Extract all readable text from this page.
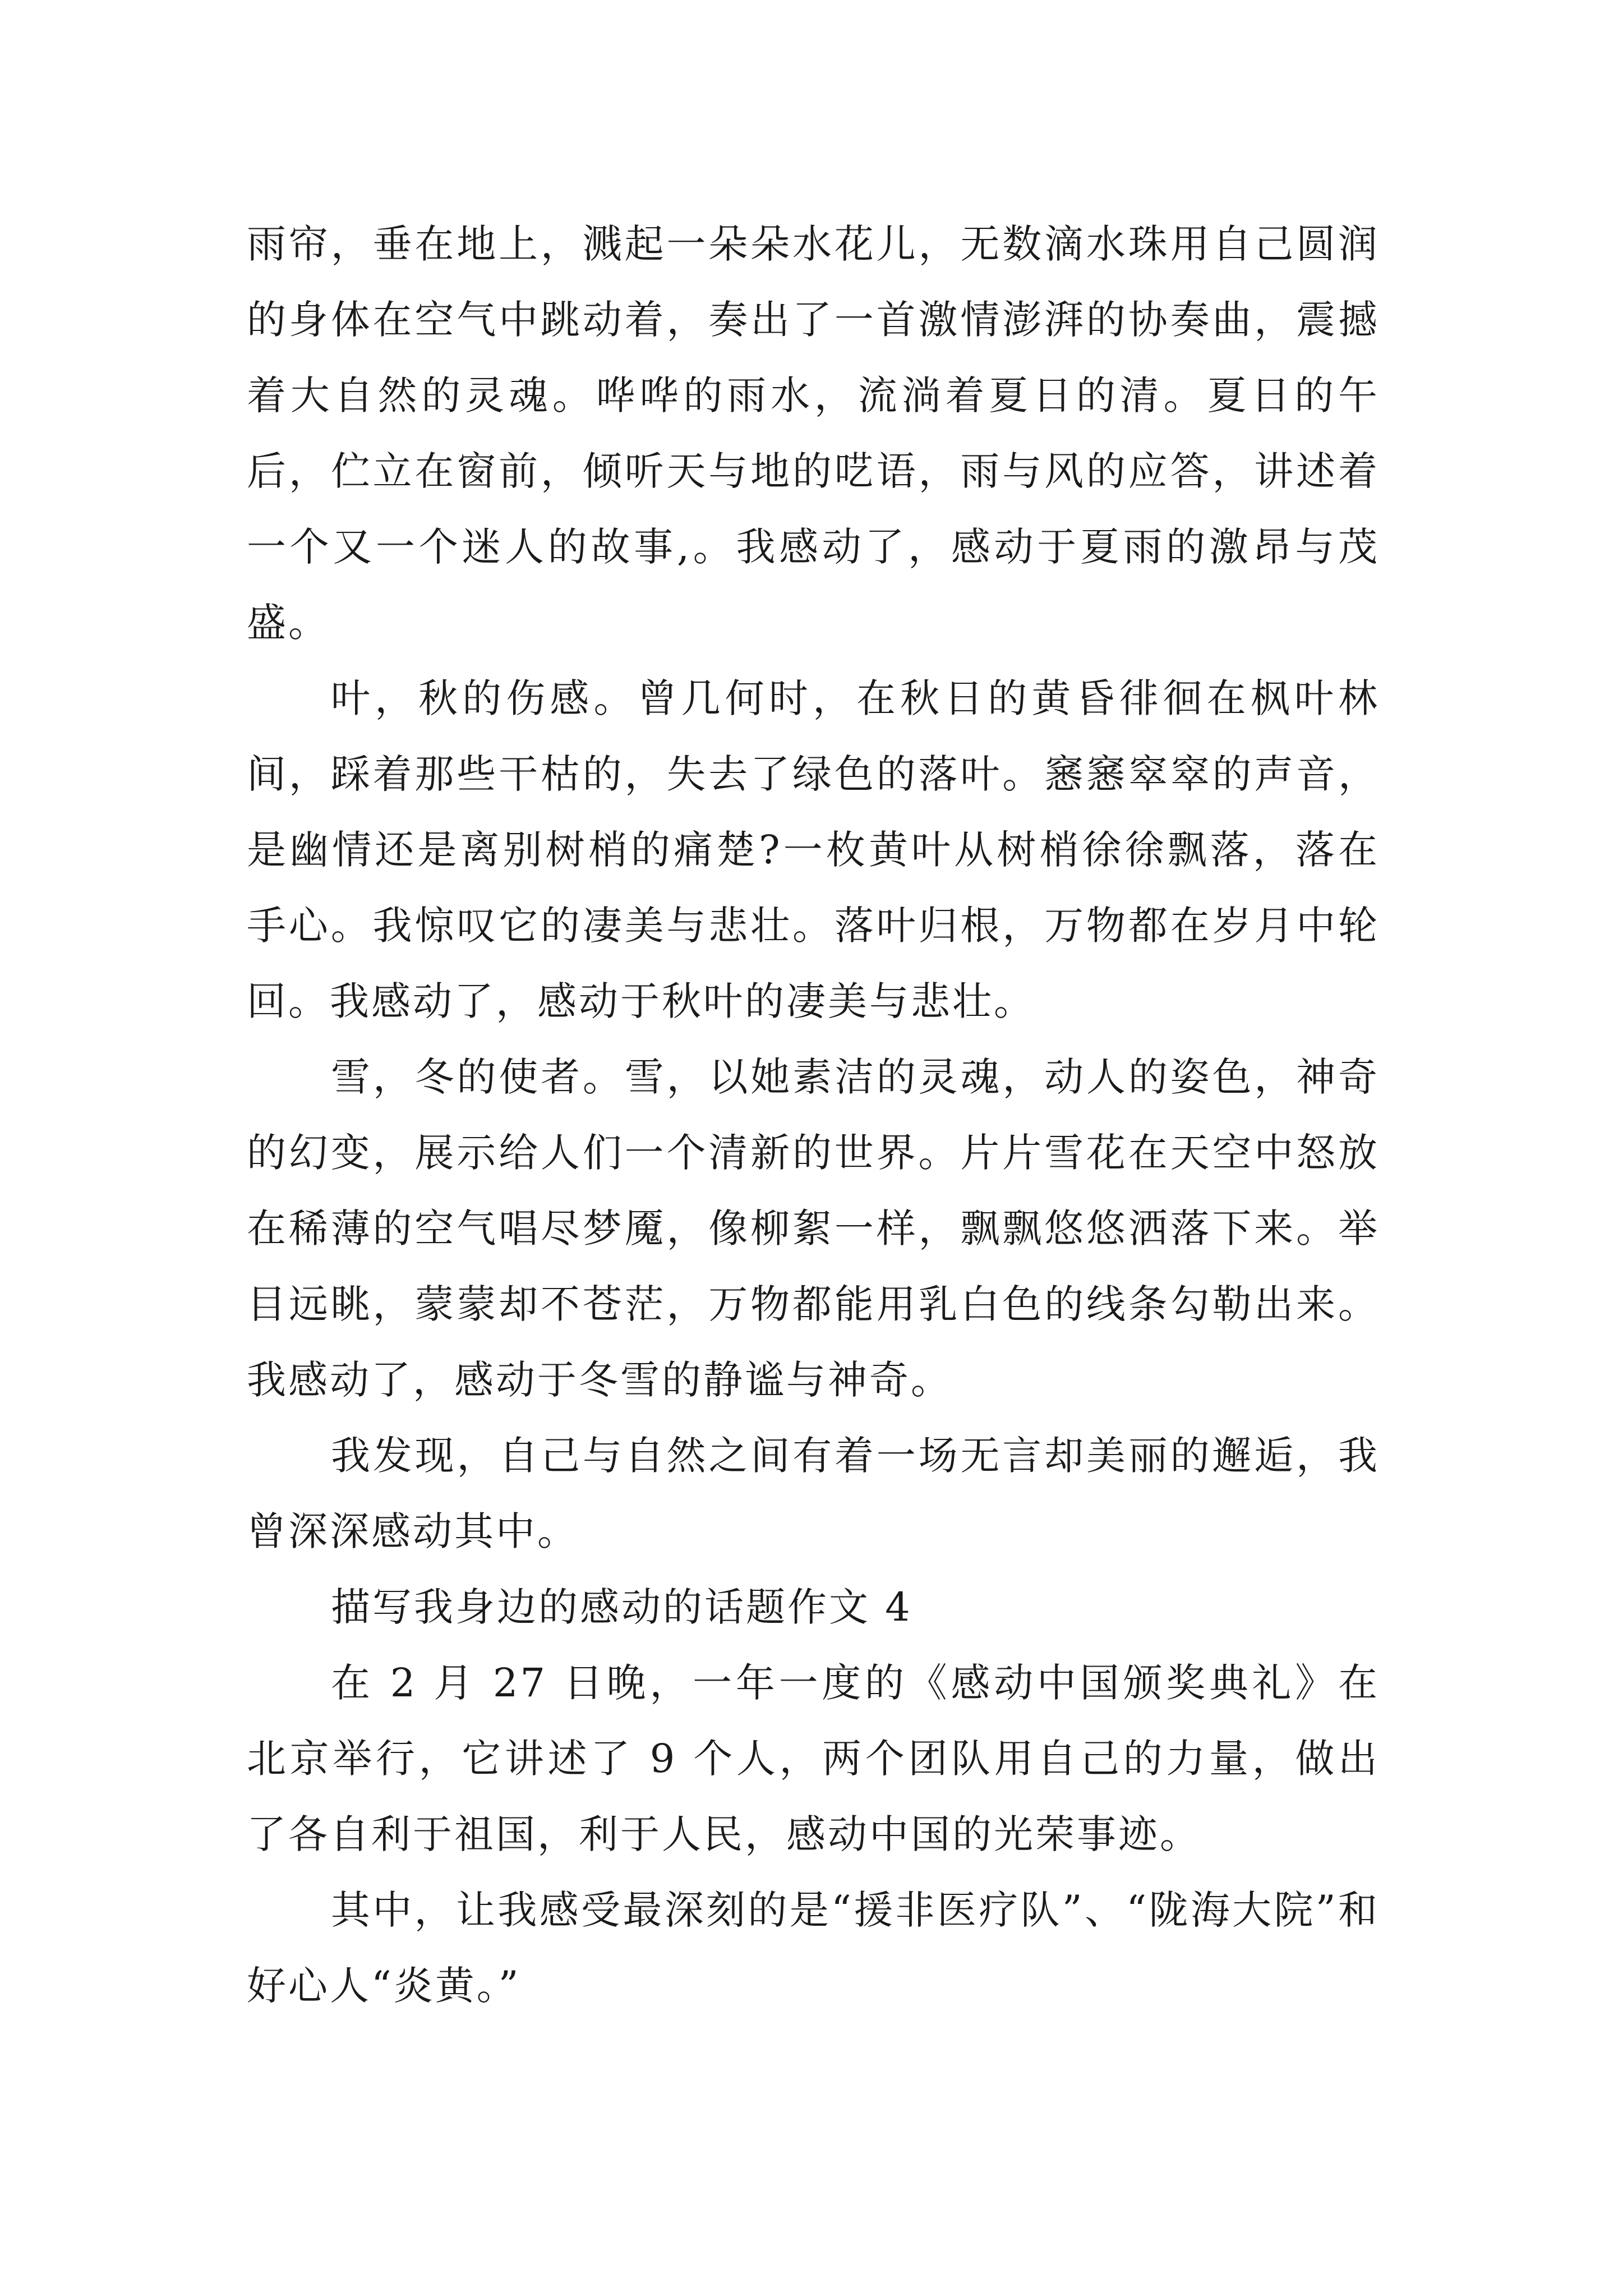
雨帘，垂在地上，溅起一朵朵水花儿，无数滴水珠用自己圆润的身体在空气中跳动着，奏出了一首激情澎湃的协奏曲，震撼着大自然的灵魂。哗哗的雨水，流淌着夏日的清。夏日的午后，伫立在窗前，倾听天与地的呓语，雨与风的应答，讲述着一个又一个迷人的故事,。我感动了，感动于夏雨的激昂与茂盛。

叶，秋的伤感。曾几何时，在秋日的黄昏徘徊在枫叶林间，踩着那些干枯的，失去了绿色的落叶。窸窸窣窣的声音，是幽情还是离别树梢的痛楚?一枚黄叶从树梢徐徐飘落，落在手心。我惊叹它的凄美与悲壮。落叶归根，万物都在岁月中轮回。我感动了，感动于秋叶的凄美与悲壮。

雪，冬的使者。雪，以她素洁的灵魂，动人的姿色，神奇的幻变，展示给人们一个清新的世界。片片雪花在天空中怒放在稀薄的空气唱尽梦魇，像柳絮一样，飘飘悠悠洒落下来。举目远眺，蒙蒙却不苍茫，万物都能用乳白色的线条勾勒出来。我感动了，感动于冬雪的静谧与神奇。

我发现，自己与自然之间有着一场无言却美丽的邂逅，我曾深深感动其中。

描写我身边的感动的话题作文 4

在 2 月 27 日晚，一年一度的《感动中国颁奖典礼》在北京举行，它讲述了 9 个人，两个团队用自己的力量，做出了各自利于祖国，利于人民，感动中国的光荣事迹。

其中，让我感受最深刻的是“援非医疗队”、“陇海大院”和好心人“炎黄。”
